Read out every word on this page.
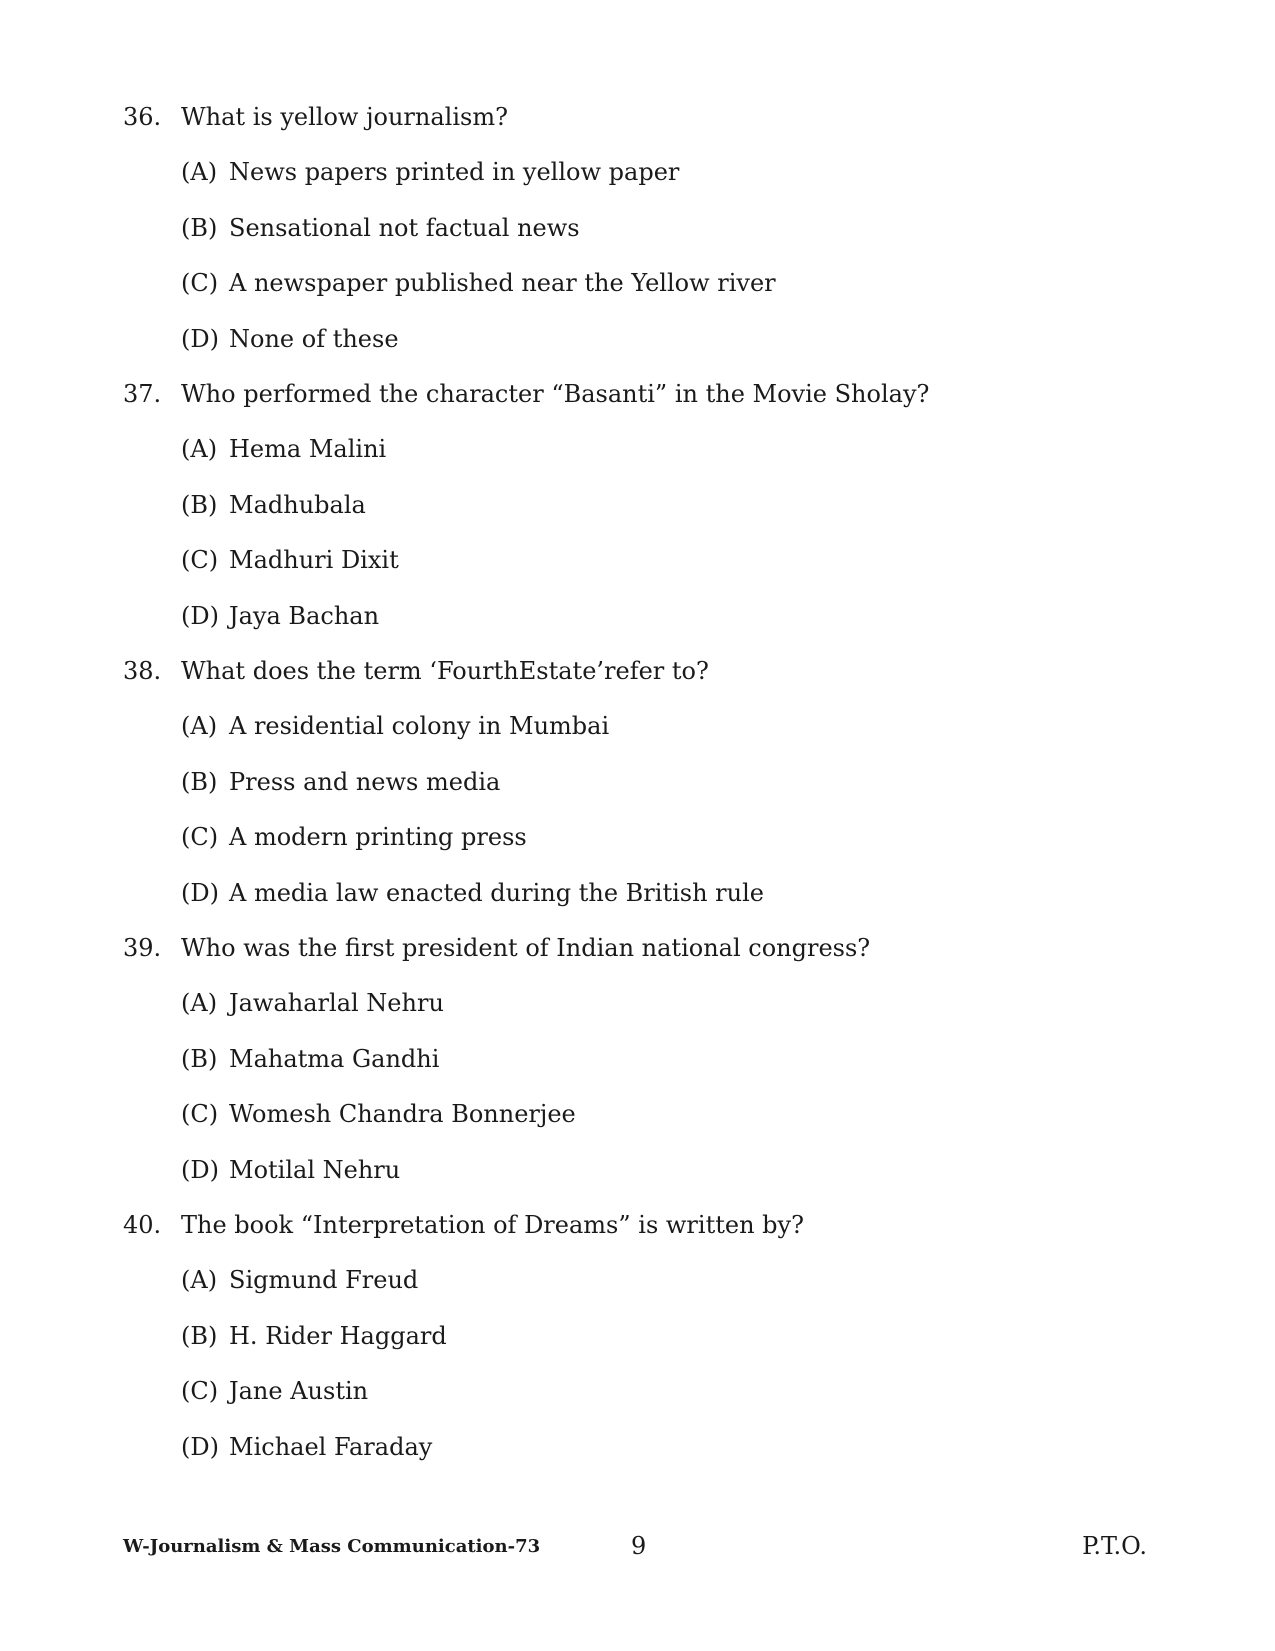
36. What is yellow journalism?
(A) News papers printed in yellow paper
(B) Sensational not factual news
(C) A newspaper published near the Yellow river
(D) None of these
37. Who performed the character “Basanti” in the Movie Sholay?
(A) Hema Malini
(B) Madhubala
(C) Madhuri Dixit
(D) Jaya Bachan
38. What does the term ‘FourthEstate’refer to?
(A) A residential colony in Mumbai
(B) Press and news media
(C) A modern printing press
(D) A media law enacted during the British rule
39. Who was the first president of Indian national congress?
(A) Jawaharlal Nehru
(B) Mahatma Gandhi
(C) Womesh Chandra Bonnerjee
(D) Motilal Nehru
40. The book “Interpretation of Dreams” is written by?
(A) Sigmund Freud
(B) H. Rider Haggard
(C) Jane Austin
(D) Michael Faraday
W-Journalism & Mass Communication-73	9	P.T.O.
